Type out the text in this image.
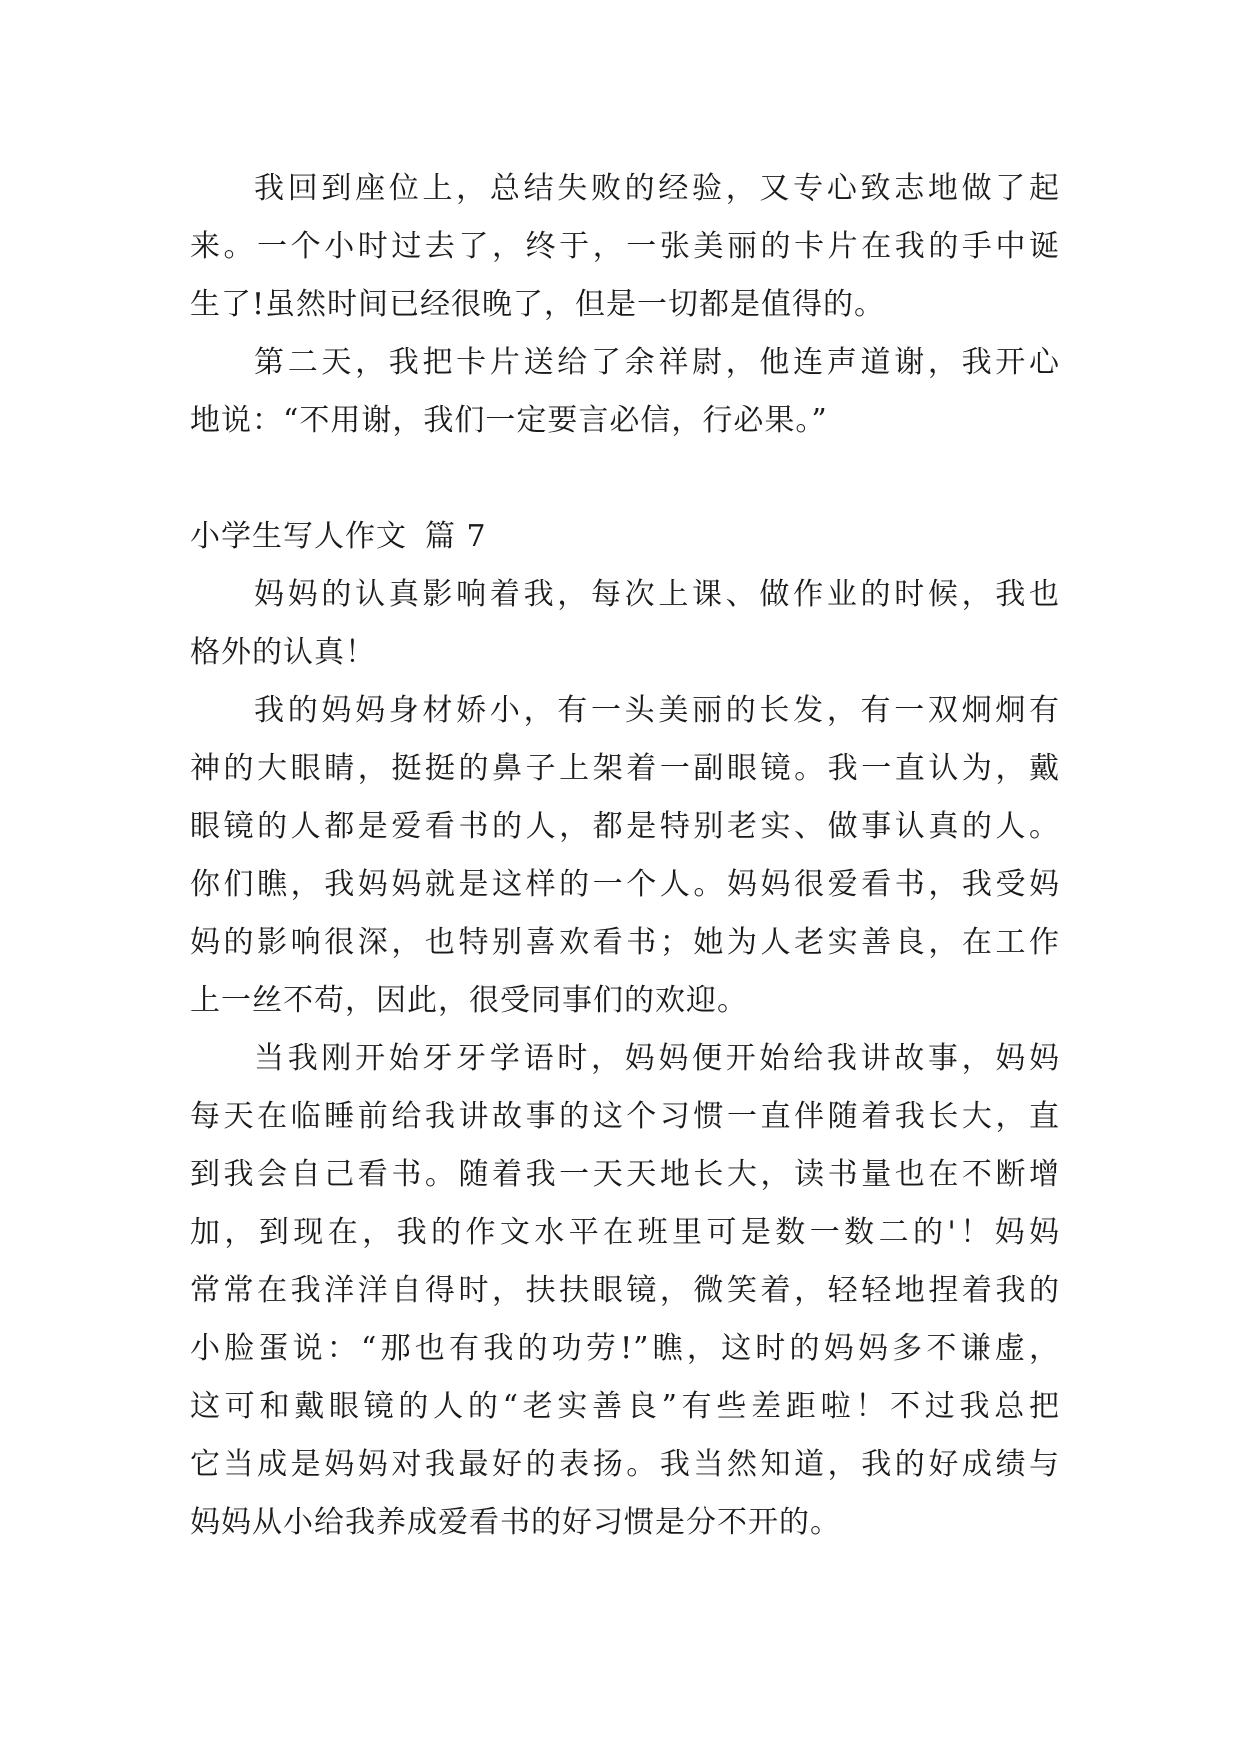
我回到座位上，总结失败的经验，又专心致志地做了起
来。一个小时过去了，终于，一张美丽的卡片在我的手中诞
生了!虽然时间已经很晚了，但是一切都是值得的。
第二天，我把卡片送给了余祥尉，他连声道谢，我开心
地说：“不用谢，我们一定要言必信，行必果。”
小学生写人作文 篇 7
妈妈的认真影响着我，每次上课、做作业的时候，我也
格外的认真！
我的妈妈身材娇小，有一头美丽的长发，有一双炯炯有
神的大眼睛，挺挺的鼻子上架着一副眼镜。我一直认为，戴
眼镜的人都是爱看书的人，都是特别老实、做事认真的人。
你们瞧，我妈妈就是这样的一个人。妈妈很爱看书，我受妈
妈的影响很深，也特别喜欢看书；她为人老实善良，在工作
上一丝不苟，因此，很受同事们的欢迎。
当我刚开始牙牙学语时，妈妈便开始给我讲故事，妈妈
每天在临睡前给我讲故事的这个习惯一直伴随着我长大，直
到我会自己看书。随着我一天天地长大，读书量也在不断增
加，到现在，我的作文水平在班里可是数一数二的'！妈妈
常常在我洋洋自得时，扶扶眼镜，微笑着，轻轻地捏着我的
小脸蛋说：“那也有我的功劳!”瞧，这时的妈妈多不谦虚，
这可和戴眼镜的人的“老实善良”有些差距啦！不过我总把
它当成是妈妈对我最好的表扬。我当然知道，我的好成绩与
妈妈从小给我养成爱看书的好习惯是分不开的。
